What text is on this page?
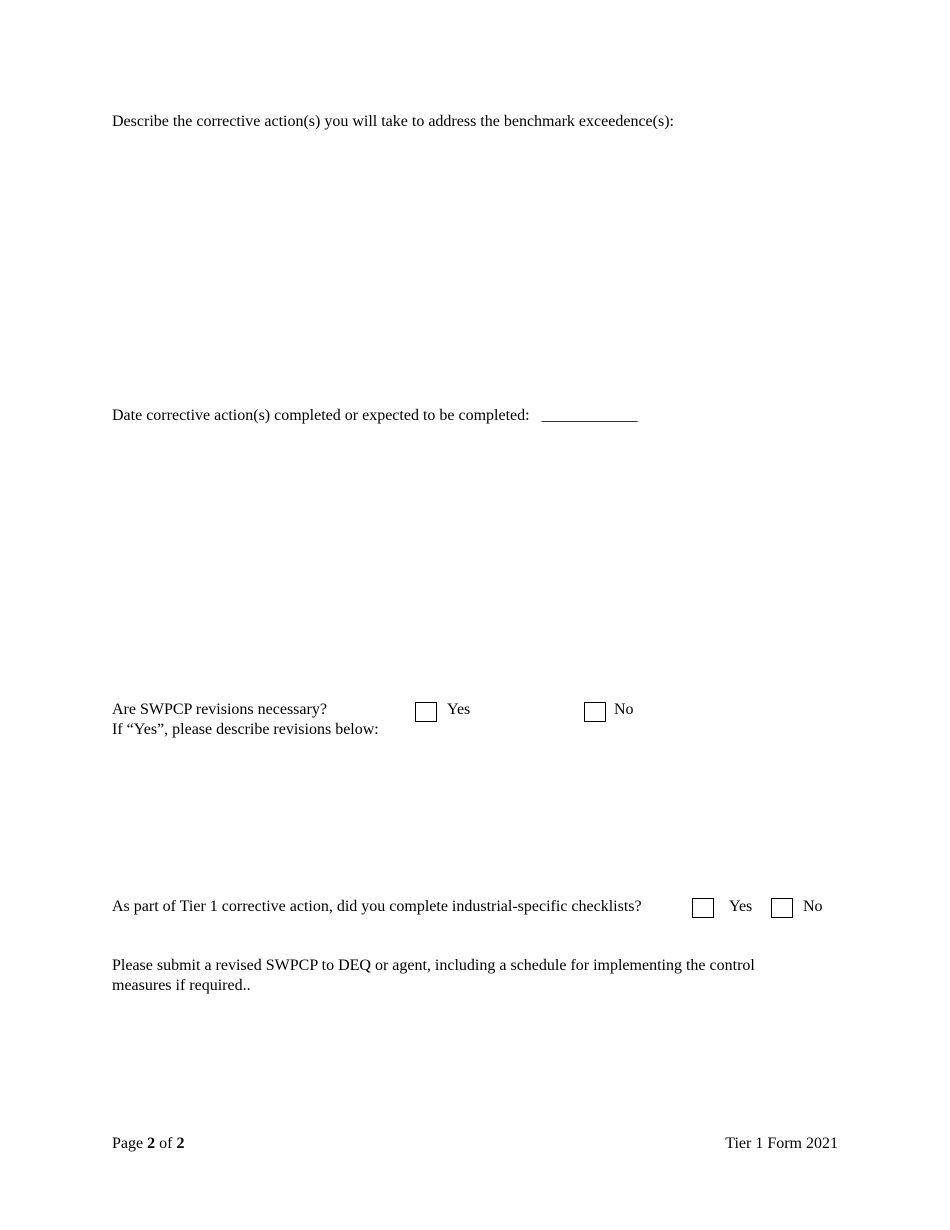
Describe the corrective action(s) you will take to address the benchmark exceedence(s):
Date corrective action(s) completed or expected to be completed: ____________
Are SWPCP revisions necessary?
If “Yes”, please describe revisions below:
Yes	No
As part of Tier 1 corrective action, did you complete industrial-specific checklists?	Yes	No
Please submit a revised SWPCP to DEQ or agent, including a schedule for implementing the control
measures if required..
Page 2 of 2	Tier 1 Form 2021
